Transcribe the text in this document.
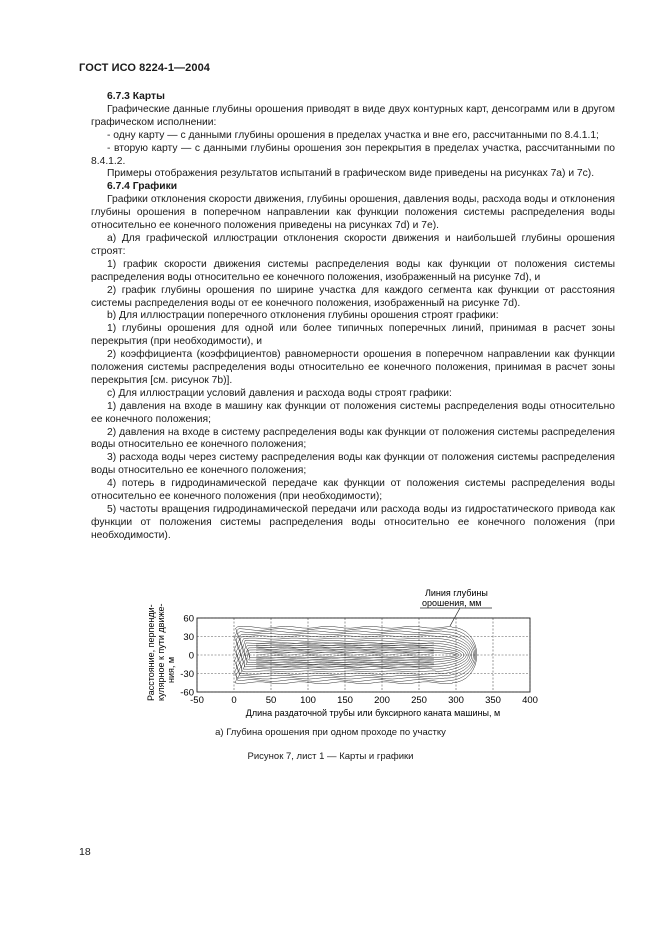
ГОСТ ИСО 8224-1—2004

6.7.3 Карты

Графические данные глубины орошения приводят в виде двух контурных карт, денсограмм или в другом графическом исполнении:

- одну карту — с данными глубины орошения в пределах участка и вне его, рассчитанными по 8.4.1.1;

- вторую карту — с данными глубины орошения зон перекрытия в пределах участка, рассчитанными по 8.4.1.2.

Примеры отображения результатов испытаний в графическом виде приведены на рисунках 7а) и 7с).

6.7.4 Графики

Графики отклонения скорости движения, глубины орошения, давления воды, расхода воды и отклонения глубины орошения в поперечном направлении как функции положения системы распределения воды относительно ее конечного положения приведены на рисунках 7d) и 7е).

а) Для графической иллюстрации отклонения скорости движения и наибольшей глубины орошения строят:

1) график скорости движения системы распределения воды как функции от положения системы распределения воды относительно ее конечного положения, изображенный на рисунке 7d), и

2) график глубины орошения по ширине участка для каждого сегмента как функции от расстояния системы распределения воды от ее конечного положения, изображенный на рисунке 7d).

b) Для иллюстрации поперечного отклонения глубины орошения строят графики:

1) глубины орошения для одной или более типичных поперечных линий, принимая в расчет зоны перекрытия (при необходимости), и

2) коэффициента (коэффициентов) равномерности орошения в поперечном направлении как функции положения системы распределения воды относительно ее конечного положения, принимая в расчет зоны перекрытия [см. рисунок 7b)].

c) Для иллюстрации условий давления и расхода воды строят графики:

1) давления на входе в машину как функции от положения системы распределения воды относительно ее конечного положения;

2) давления на входе в систему распределения воды как функции от положения системы распределения воды относительно ее конечного положения;

3) расхода воды через систему распределения воды как функции от положения системы распределения воды относительно ее конечного положения;

4) потерь в гидродинамической передаче как функции от положения системы распределения воды относительно ее конечного положения (при необходимости);

5) частоты вращения гидродинамической передачи или расхода воды из гидростатического привода как функции от положения системы распределения воды относительно ее конечного положения (при необходимости).

Расстояние, перпенди- кулярное к пути движе- ния, м
60
30
0
-30
-60
-50	0	50	100 150 200 250 300 350 400
Длина раздаточной трубы или буксирного каната машины, м
Линия глубины
орошения, мм
а) Глубина орошения при одном проходе по участку
Рисунок 7, лист 1 — Карты и графики
18
